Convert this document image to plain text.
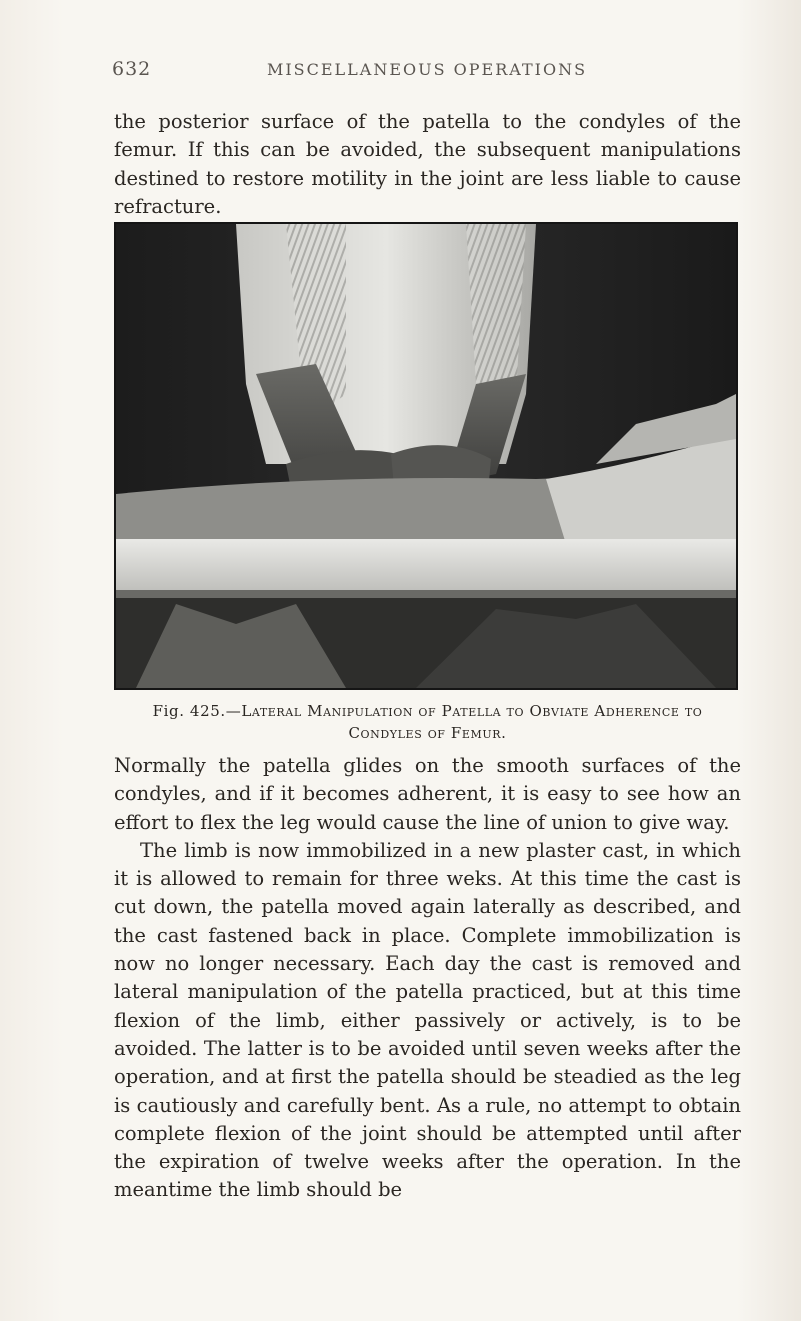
632	MISCELLANEOUS OPERATIONS

the posterior surface of the patella to the condyles of the femur. If this can be avoided, the subsequent manipulations destined to restore motility in the joint are less liable to cause refracture.

Fig. 425.—Lateral Manipulation of Patella to Obviate Adherence to Condyles of Femur.
Normally the patella glides on the smooth surfaces of the condyles, and if it becomes adherent, it is easy to see how an effort to flex the leg would cause the line of union to give way.
The limb is now immobilized in a new plaster cast, in which it is allowed to remain for three weks. At this time the cast is cut down, the patella moved again laterally as described, and the cast fastened back in place. Complete immobilization is now no longer necessary. Each day the cast is removed and lateral manipulation of the patella practiced, but at this time flexion of the limb, either passively or actively, is to be avoided. The latter is to be avoided until seven weeks after the operation, and at first the patella should be steadied as the leg is cautiously and carefully bent. As a rule, no attempt to obtain complete flexion of the joint should be attempted until after the expiration of twelve weeks after the operation. In the meantime the limb should be
